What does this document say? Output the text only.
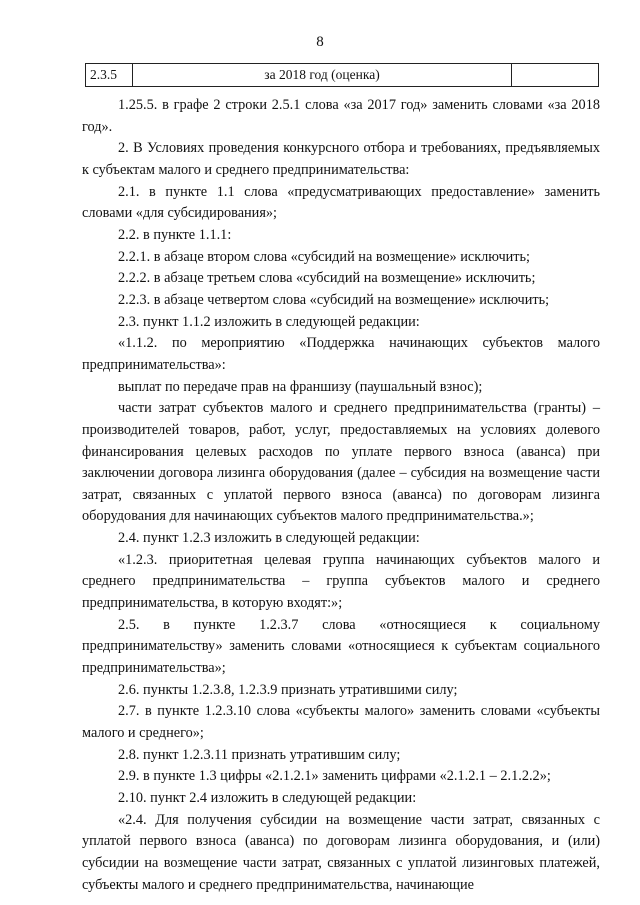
8
2.3.5	за 2018 год (оценка)	

1.25.5. в графе 2 строки 2.5.1 слова «за 2017 год» заменить словами «за 2018 год».

2. В Условиях проведения конкурсного отбора и требованиях, предъявляемых к субъектам малого и среднего предпринимательства:

2.1. в пункте 1.1 слова «предусматривающих предоставление» заменить словами «для субсидирования»;

2.2. в пункте 1.1.1:

2.2.1. в абзаце втором слова «субсидий на возмещение» исключить;

2.2.2. в абзаце третьем слова «субсидий на возмещение» исключить;

2.2.3. в абзаце четвертом слова «субсидий на возмещение» исключить;

2.3. пункт 1.1.2 изложить в следующей редакции:

«1.1.2. по мероприятию «Поддержка начинающих субъектов малого предпринимательства»:

выплат по передаче прав на франшизу (паушальный взнос);

части затрат субъектов малого и среднего предпринимательства (гранты) – производителей товаров, работ, услуг, предоставляемых на условиях долевого финансирования целевых расходов по уплате первого взноса (аванса) при заключении договора лизинга оборудования (далее – субсидия на возмещение части затрат, связанных с уплатой первого взноса (аванса) по договорам лизинга оборудования для начинающих субъектов малого предпринимательства.»;

2.4. пункт 1.2.3 изложить в следующей редакции:

«1.2.3. приоритетная целевая группа начинающих субъектов малого и среднего предпринимательства – группа субъектов малого и среднего предпринимательства, в которую входят:»;

2.5. в пункте 1.2.3.7 слова «относящиеся к социальному предпринимательству» заменить словами «относящиеся к субъектам социального предпринимательства»;

2.6. пункты 1.2.3.8, 1.2.3.9 признать утратившими силу;

2.7. в пункте 1.2.3.10 слова «субъекты малого» заменить словами «субъекты малого и среднего»;

2.8. пункт 1.2.3.11 признать утратившим силу;

2.9. в пункте 1.3 цифры «2.1.2.1» заменить цифрами «2.1.2.1 – 2.1.2.2»;

2.10. пункт 2.4 изложить в следующей редакции:

«2.4. Для получения субсидии на возмещение части затрат, связанных с уплатой первого взноса (аванса) по договорам лизинга оборудования, и (или) субсидии на возмещение части затрат, связанных с уплатой лизинговых платежей, субъекты малого и среднего предпринимательства, начинающие
